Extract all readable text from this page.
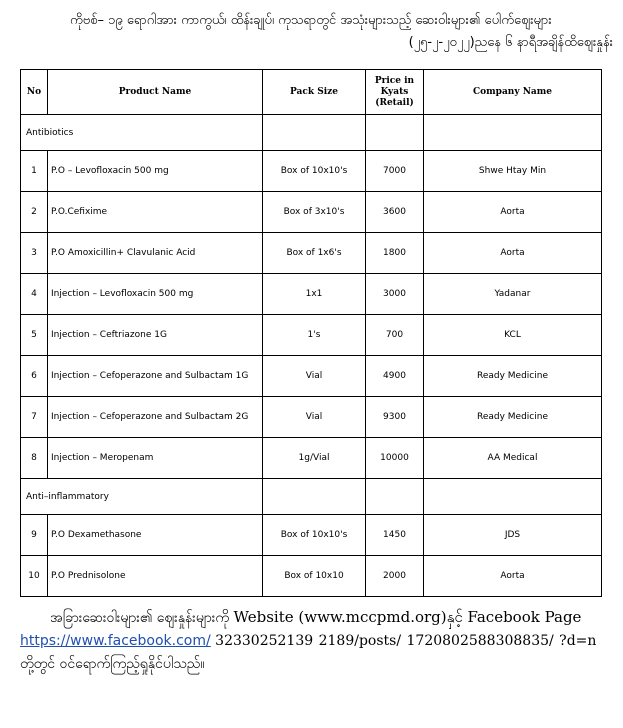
ကိုဗစ်– ၁၉ ရောဂါအား ကာကွယ်၊ ထိန်းချုပ်၊ ကုသရာတွင် အသုံးများသည့် ဆေးဝါးများ၏ ပေါက်ဈေးများ
(၂၅-၂-၂၀၂၂)ညနေ ၆ နာရီအချိန်ထိဈေးနှုန်း
No	Product Name	Pack Size	Price in Kyats (Retail)	Company Name
Antibiotics				
1	P.O – Levofloxacin 500 mg	Box of 10x10's	7000	Shwe Htay Min
2	P.O.Cefixime	Box of 3x10's	3600	Aorta
3	P.O Amoxicillin+ Clavulanic Acid	Box of 1x6's	1800	Aorta
4	Injection – Levofloxacin 500 mg	1x1	3000	Yadanar
5	Injection – Ceftriazone 1G	1's	700	KCL
6	Injection – Cefoperazone and Sulbactam 1G	Vial	4900	Ready Medicine
7	Injection – Cefoperazone and Sulbactam 2G	Vial	9300	Ready Medicine
8	Injection – Meropenam	1g/Vial	10000	AA Medical
Anti–inflammatory				
9	P.O Dexamethasone	Box of 10x10's	1450	JDS
10	P.O Prednisolone	Box of 10x10	2000	Aorta
အခြားဆေးဝါးများ၏ ဈေးနှုန်းများကို Website (www.mccpmd.org)နှင့် Facebook Page
https://www.facebook.com/ 32330252139 2189/posts/ 1720802588308835/ ?d=n
တို့တွင် ဝင်ရောက်ကြည့်ရှုနိုင်ပါသည်။
